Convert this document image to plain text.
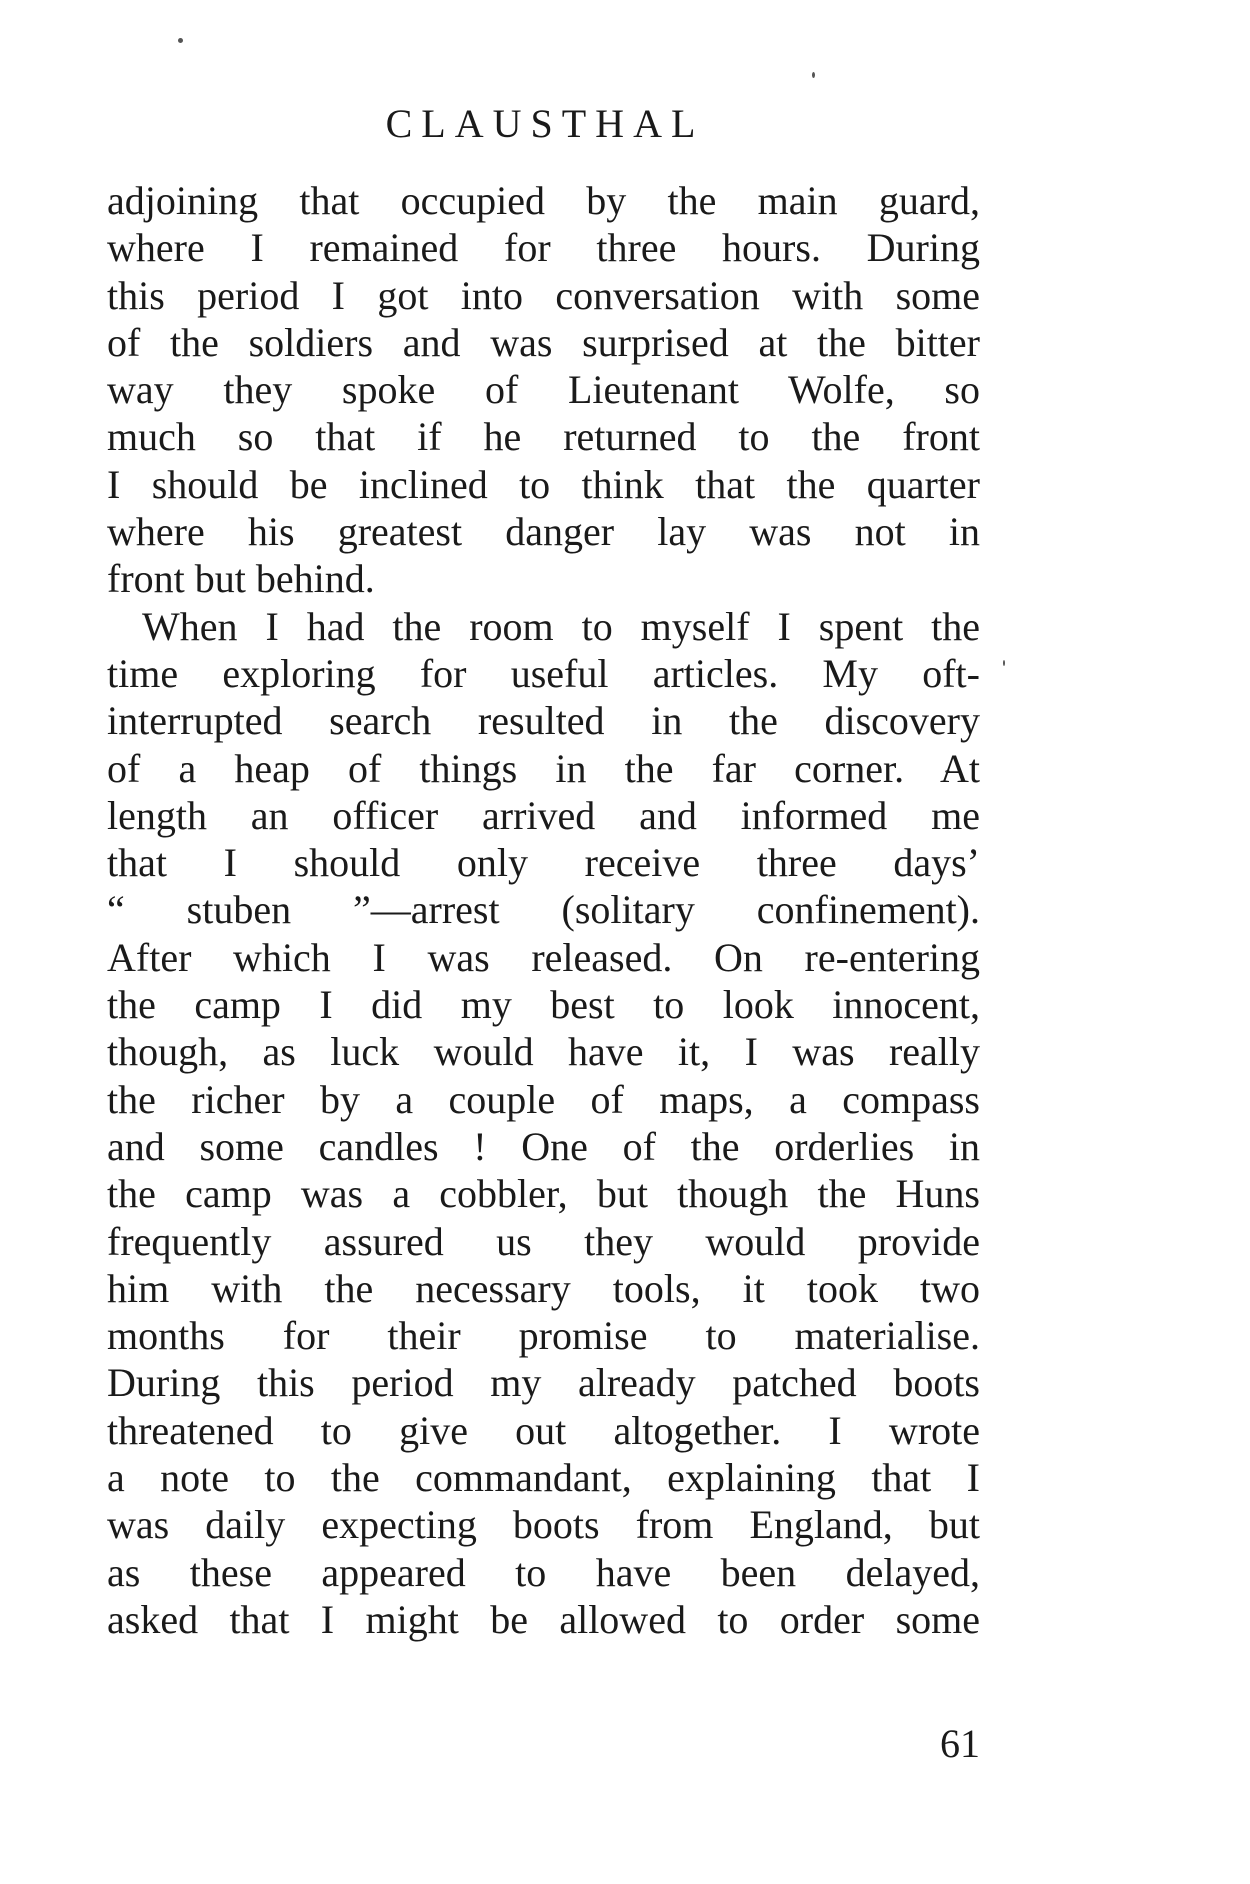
CLAUSTHAL
adjoining that occupied by the main guard,
where I remained for three hours. During
this period I got into conversation with some
of the soldiers and was surprised at the bitter
way they spoke of Lieutenant Wolfe, so
much so that if he returned to the front
I should be inclined to think that the quarter
where his greatest danger lay was not in
front but behind.
When I had the room to myself I spent the
time exploring for useful articles. My oft-
interrupted search resulted in the discovery
of a heap of things in the far corner. At
length an officer arrived and informed me
that I should only receive three days’
“ stuben ”—arrest (solitary confinement).
After which I was released. On re-entering
the camp I did my best to look innocent,
though, as luck would have it, I was really
the richer by a couple of maps, a compass
and some candles ! One of the orderlies in
the camp was a cobbler, but though the Huns
frequently assured us they would provide
him with the necessary tools, it took two
months for their promise to materialise.
During this period my already patched boots
threatened to give out altogether. I wrote
a note to the commandant, explaining that I
was daily expecting boots from England, but
as these appeared to have been delayed,
asked that I might be allowed to order some
61
